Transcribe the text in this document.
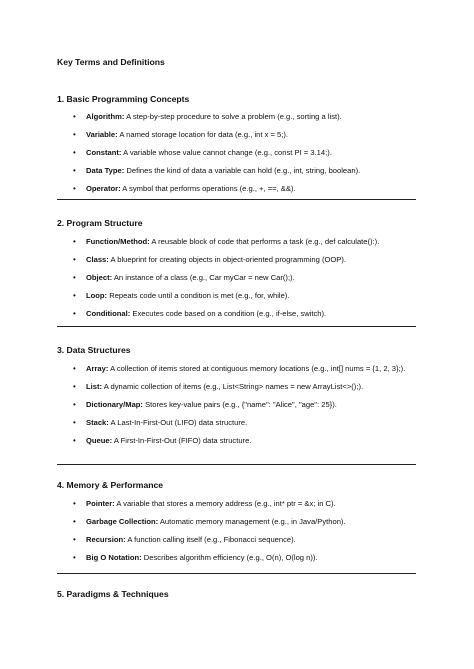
Key Terms and Definitions
1. Basic Programming Concepts
• Algorithm: A step-by-step procedure to solve a problem (e.g., sorting a list).
• Variable: A named storage location for data (e.g., int x = 5;).
• Constant: A variable whose value cannot change (e.g., const PI = 3.14;).
• Data Type: Defines the kind of data a variable can hold (e.g., int, string, boolean).
• Operator: A symbol that performs operations (e.g., +, ==, &&).
2. Program Structure
• Function/Method: A reusable block of code that performs a task (e.g., def calculate():).
• Class: A blueprint for creating objects in object-oriented programming (OOP).
• Object: An instance of a class (e.g., Car myCar = new Car();).
• Loop: Repeats code until a condition is met (e.g., for, while).
• Conditional: Executes code based on a condition (e.g., if-else, switch).
3. Data Structures
• Array: A collection of items stored at contiguous memory locations (e.g., int[] nums = {1, 2, 3};).
• List: A dynamic collection of items (e.g., List<String> names = new ArrayList<>();).
• Dictionary/Map: Stores key-value pairs (e.g., {"name": "Alice", "age": 25}).
• Stack: A Last-In-First-Out (LIFO) data structure.
• Queue: A First-In-First-Out (FIFO) data structure.
4. Memory & Performance
• Pointer: A variable that stores a memory address (e.g., int* ptr = &x; in C).
• Garbage Collection: Automatic memory management (e.g., in Java/Python).
• Recursion: A function calling itself (e.g., Fibonacci sequence).
• Big O Notation: Describes algorithm efficiency (e.g., O(n), O(log n)).
5. Paradigms & Techniques
